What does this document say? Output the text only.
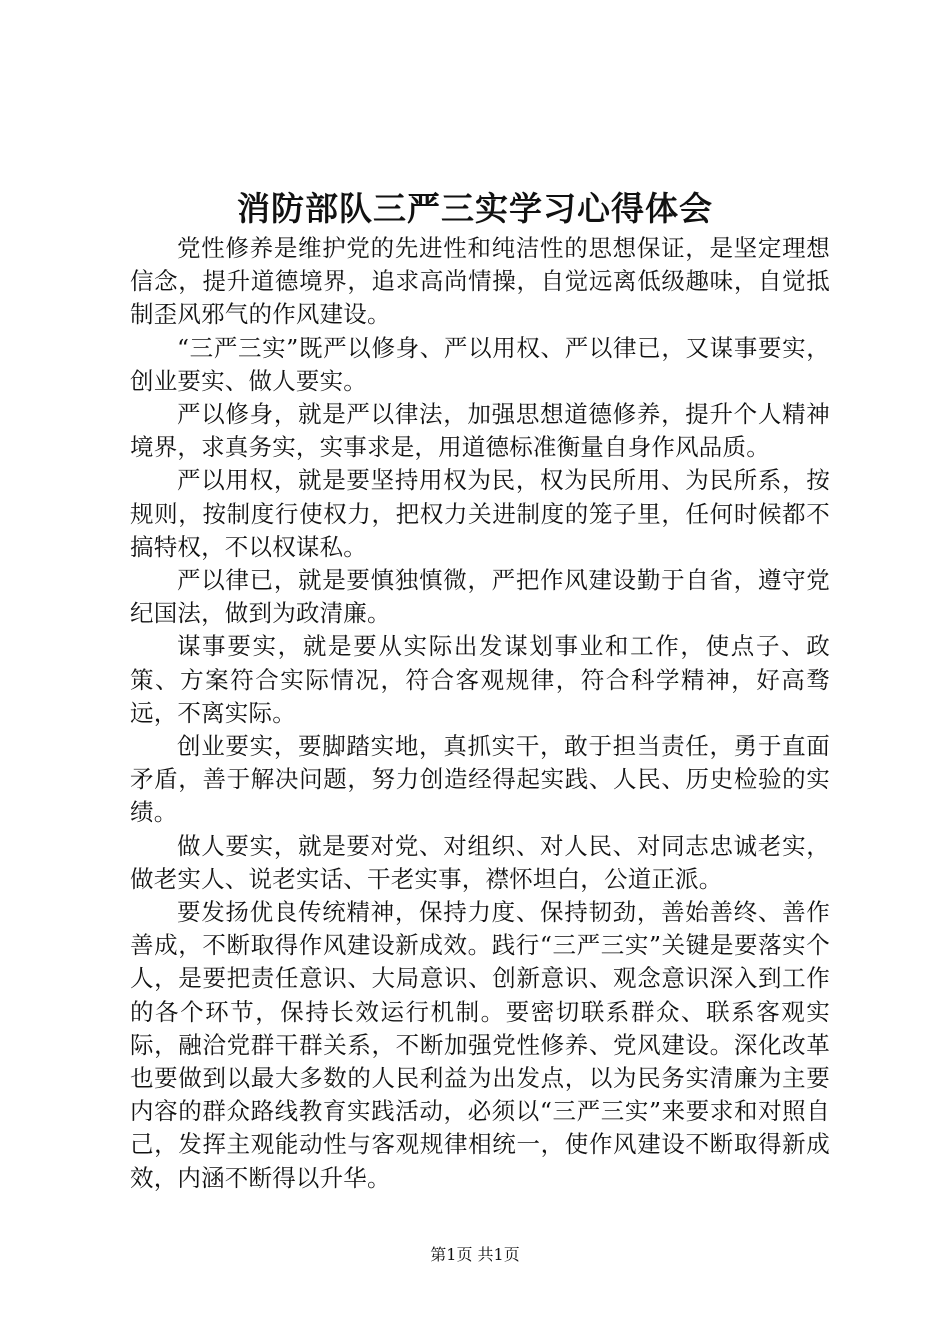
消防部队三严三实学习心得体会

党性修养是维护党的先进性和纯洁性的思想保证，是坚定理想信念，提升道德境界，追求高尚情操，自觉远离低级趣味，自觉抵制歪风邪气的作风建设。

“三严三实”既严以修身、严以用权、严以律已，又谋事要实，创业要实、做人要实。

严以修身，就是严以律法，加强思想道德修养，提升个人精神境界，求真务实，实事求是，用道德标准衡量自身作风品质。

严以用权，就是要坚持用权为民，权为民所用、为民所系，按规则，按制度行使权力，把权力关进制度的笼子里，任何时候都不搞特权，不以权谋私。

严以律已，就是要慎独慎微，严把作风建设勤于自省，遵守党纪国法，做到为政清廉。

谋事要实，就是要从实际出发谋划事业和工作，使点子、政策、方案符合实际情况，符合客观规律，符合科学精神，好高骛远，不离实际。

创业要实，要脚踏实地，真抓实干，敢于担当责任，勇于直面矛盾，善于解决问题，努力创造经得起实践、人民、历史检验的实绩。

做人要实，就是要对党、对组织、对人民、对同志忠诚老实，做老实人、说老实话、干老实事，襟怀坦白，公道正派。

要发扬优良传统精神，保持力度、保持韧劲，善始善终、善作善成，不断取得作风建设新成效。践行“三严三实”关键是要落实个人，是要把责任意识、大局意识、创新意识、观念意识深入到工作的各个环节，保持长效运行机制。要密切联系群众、联系客观实际，融洽党群干群关系，不断加强党性修养、党风建设。深化改革也要做到以最大多数的人民利益为出发点，以为民务实清廉为主要内容的群众路线教育实践活动，必须以“三严三实”来要求和对照自己，发挥主观能动性与客观规律相统一，使作风建设不断取得新成效，内涵不断得以升华。

第1页 共1页
